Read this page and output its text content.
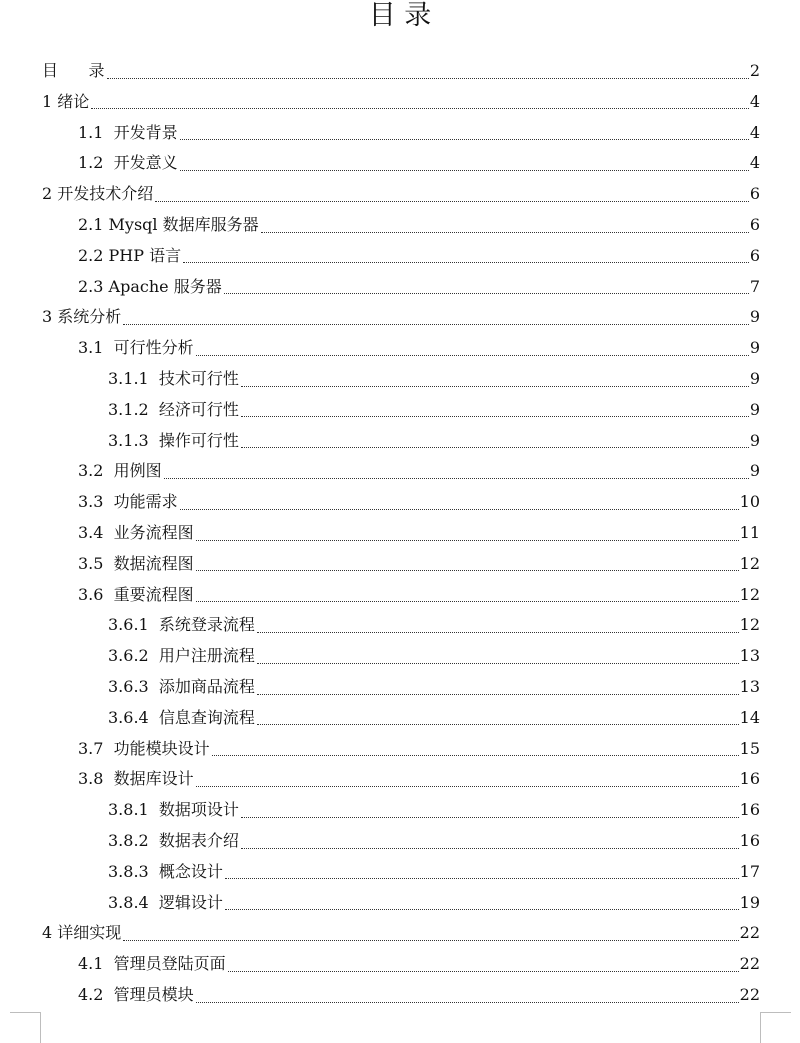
目 录
目      录	2
1 绪论	4
1.1  开发背景	4
1.2  开发意义	4
2 开发技术介绍	6
2.1 Mysql 数据库服务器	6
2.2 PHP 语言	6
2.3 Apache 服务器	7
3 系统分析	9
3.1  可行性分析	9
3.1.1  技术可行性	9
3.1.2  经济可行性	9
3.1.3  操作可行性	9
3.2  用例图	9
3.3  功能需求	10
3.4  业务流程图	11
3.5  数据流程图	12
3.6  重要流程图	12
3.6.1  系统登录流程	12
3.6.2  用户注册流程	13
3.6.3  添加商品流程	13
3.6.4  信息查询流程	14
3.7  功能模块设计	15
3.8  数据库设计	16
3.8.1  数据项设计	16
3.8.2  数据表介绍	16
3.8.3  概念设计	17
3.8.4  逻辑设计	19
4 详细实现	22
4.1  管理员登陆页面	22
4.2  管理员模块	22
